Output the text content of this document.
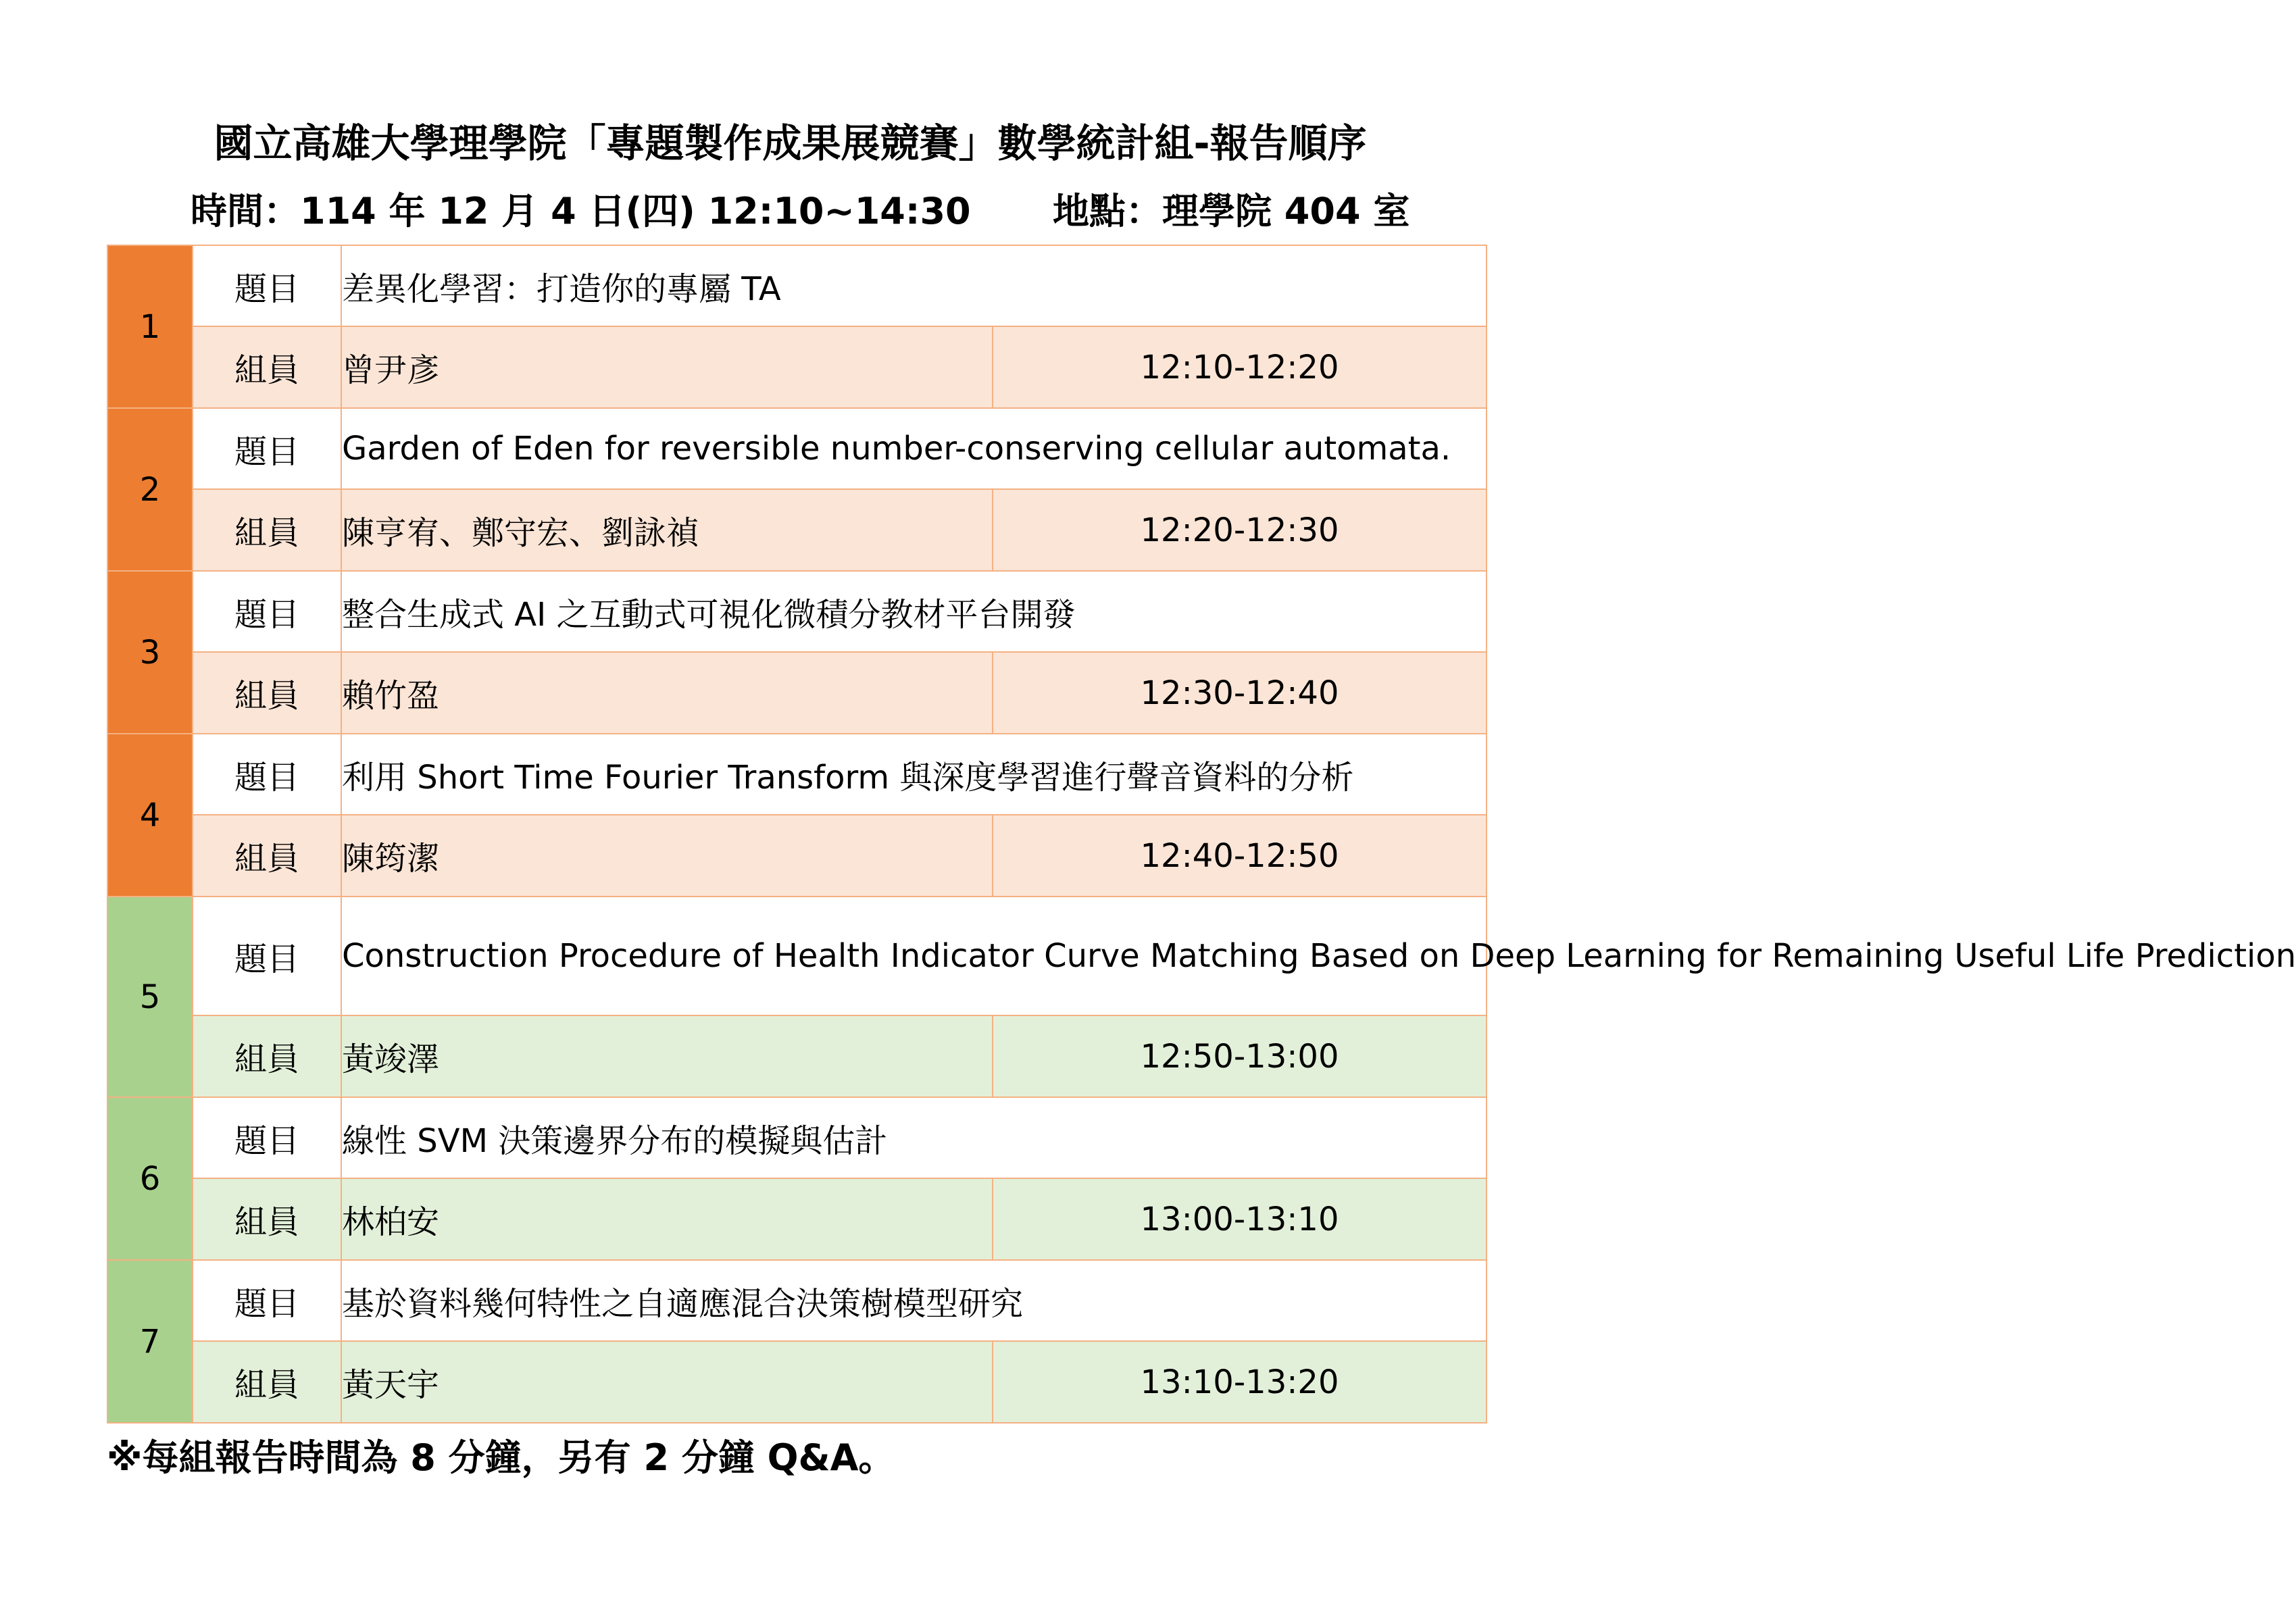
國立高雄大學理學院「專題製作成果展競賽」數學統計組-報告順序
時間：114 年 12 月 4 日(四) 12:10~14:30 地點：理學院 404 室
1	題目	差異化學習：打造你的專屬 TA	
	組員	曾尹彥	12:10-12:20
2	題目	Garden of Eden for reversible number-conserving cellular automata.	
	組員	陳亨宥、鄭守宏、劉詠禎	12:20-12:30
3	題目	整合生成式 AI 之互動式可視化微積分教材平台開發	
	組員	賴竹盈	12:30-12:40
4	題目	利用 Short Time Fourier Transform 與深度學習進行聲音資料的分析	
	組員	陳筠潔	12:40-12:50
5	題目	Construction Procedure of Health Indicator Curve Matching Based on Deep Learning for Remaining Useful Life Prediction	
	組員	黃竣澤	12:50-13:00
6	題目	線性 SVM 決策邊界分布的模擬與估計	
	組員	林柏安	13:00-13:10
7	題目	基於資料幾何特性之自適應混合決策樹模型研究	
	組員	黃天宇	13:10-13:20
※每組報告時間為 8 分鐘，另有 2 分鐘 Q&A。
